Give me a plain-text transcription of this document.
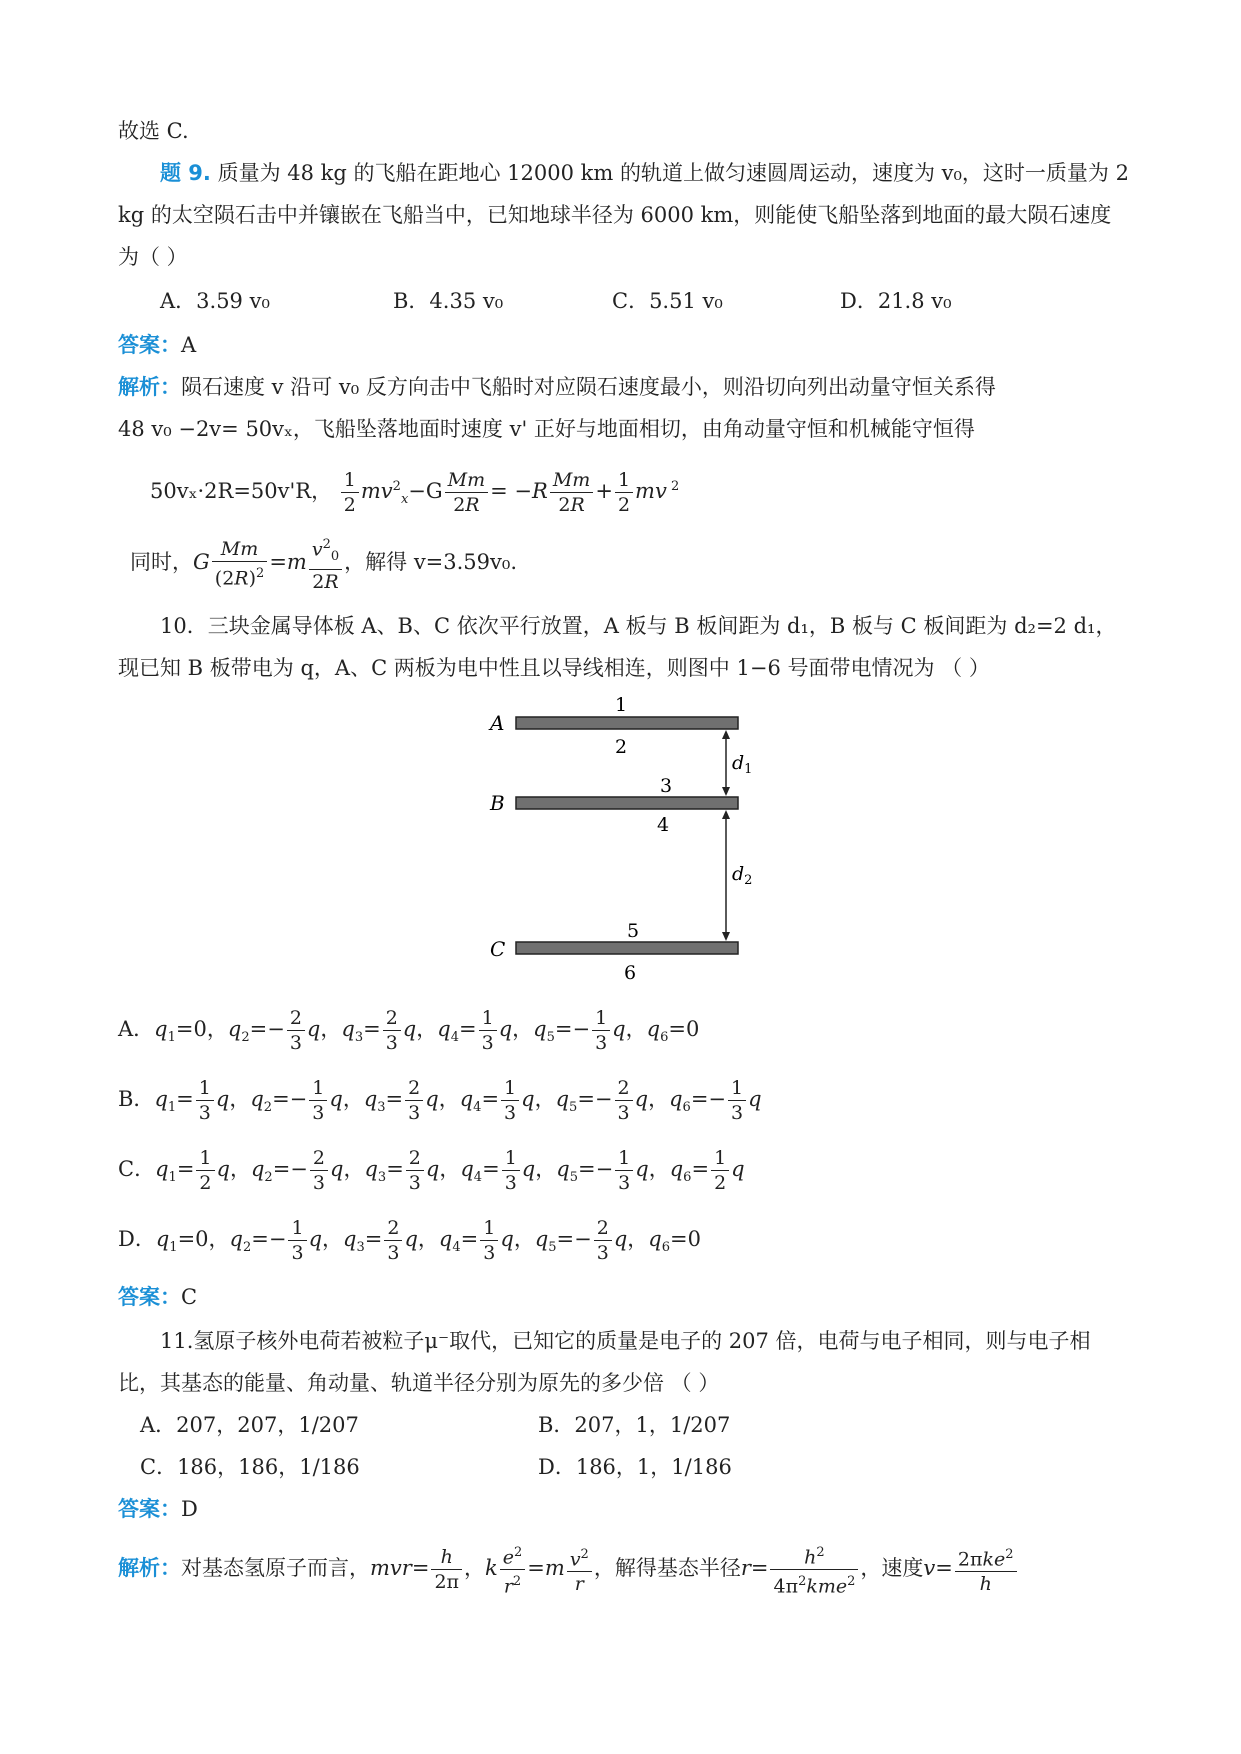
故选 C.
题 9. 质量为 48 kg 的飞船在距地心 12000 km 的轨道上做匀速圆周运动，速度为 v₀，这时一质量为 2
kg 的太空陨石击中并镶嵌在飞船当中，已知地球半径为 6000 km，则能使飞船坠落到地面的最大陨石速度
为（ ）
A．3.59 v₀	B．4.35 v₀	C．5.51 v₀	D．21.8 v₀
答案：A
解析：陨石速度 v 沿可 v₀ 反方向击中飞船时对应陨石速度最小，则沿切向列出动量守恒关系得
48 v₀ −2v= 50vₓ，飞船坠落地面时速度 v' 正好与地面相切，由角动量守恒和机械能守恒得
50vₓ·2R=50v'R， $\frac{1}{2} mv^2_x-G \frac{Mm}{2R} = -R \frac{Mm}{2R} + \frac{1}{2}$ mv $^2$
同时，G $\frac{Mm}{(2R)^2} =m \frac{v^2_0}{2R}$ ，解得 v=3.59v₀.
10．三块金属导体板 A、B、C 依次平行放置，A 板与 B 板间距为 d₁，B 板与 C 板间距为 d₂=2 d₁，
现已知 B 板带电为 q，A、C 两板为电中性且以导线相连，则图中 1−6 号面带电情况为 （ ）
A
B
C
1
2
3
4
5
6
$d_1$
$d_2$
A．$q_1=0$，$q_2=- \frac{2}{3}$ q，$q_3= \frac{2}{3}$ q，$q_4= \frac{1}{3}$ q，$q_5=- \frac{1}{3}$ q，$q_6=0$
B．$q_1= \frac{1}{3}$ q，$q_2=- \frac{1}{3}$ q，$q_3= \frac{2}{3}$ q，$q_4= \frac{1}{3}$ q，$q_5=- \frac{2}{3}$ q，$q_6=- \frac{1}{3}$ q
C．$q_1= \frac{1}{2}$ q，$q_2=- \frac{2}{3}$ q，$q_3= \frac{2}{3}$ q，$q_4= \frac{1}{3}$ q，$q_5=- \frac{1}{3}$ q，$q_6= \frac{1}{2}$ q
D．$q_1=0$，$q_2=- \frac{1}{3}$ q，$q_3= \frac{2}{3}$ q，$q_4= \frac{1}{3}$ q，$q_5=- \frac{2}{3}$ q，$q_6=0$
答案：C
11.氢原子核外电荷若被粒子μ⁻取代，已知它的质量是电子的 207 倍，电荷与电子相同，则与电子相
比，其基态的能量、角动量、轨道半径分别为原先的多少倍 （ ）
A．207，207，1/207	B．207，1，1/207
C．186，186，1/186	D．186，1，1/186
答案：D
解析：对基态氢原子而言，$mvr= \frac{h}{2\pi}$ ，k $\frac{e^2}{r^2} =m \frac{v^2}{r}$ ，解得基态半径$r= \frac{h^2}{4\pi^2kme^2}$ ，速度$v= \frac{2\pi ke^2}{h}$
